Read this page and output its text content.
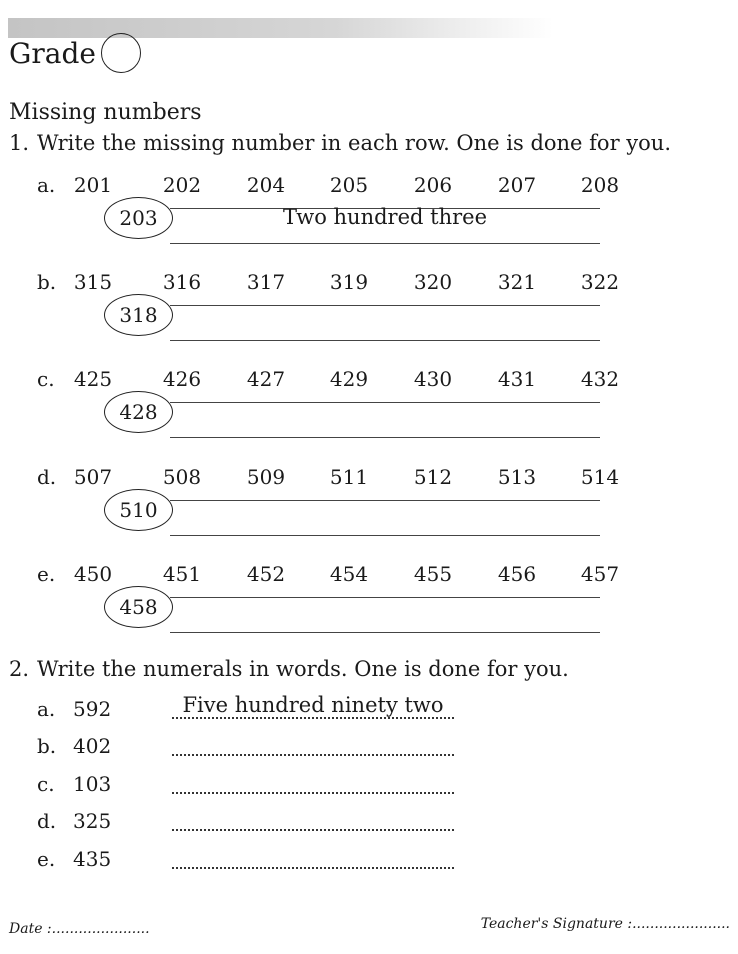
Grade
Missing numbers
1. Write the missing number in each row. One is done for you.
a. 201	202 204 205 206 207 208
Two hundred three
203
b. 315	316 317 319 320 321 322
318
c. 425	426 427 429 430 431 432
428
d. 507	508 509 511 512 513 514
510
e. 450	451 452 454 455 456 457
458
2. Write the numerals in words. One is done for you.
a. 592	Five hundred ninety two
b. 402
c. 103
d. 325
e. 435
Date :......................	Teacher's Signature :......................
